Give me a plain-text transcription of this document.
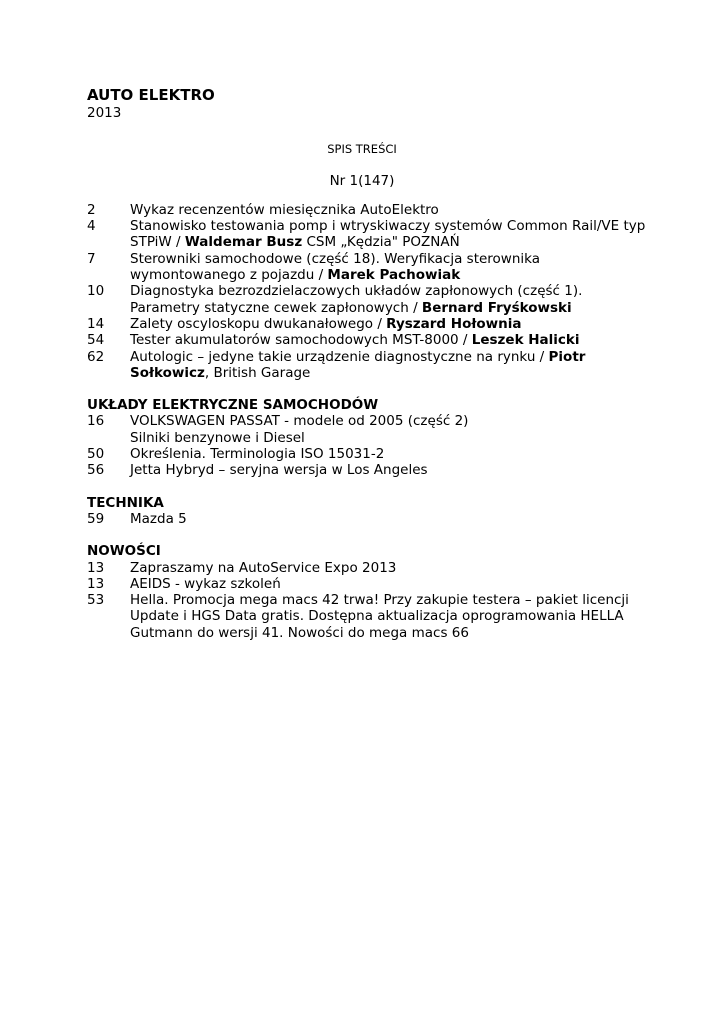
AUTO ELEKTRO
2013
SPIS TREŚCI
Nr 1(147)
2	Wykaz recenzentów miesięcznika AutoElektro
4	Stanowisko testowania pomp i wtryskiwaczy systemów Common Rail/VE typ STPiW / Waldemar Busz CSM „Kędzia" POZNAŃ
7	Sterowniki samochodowe (część 18). Weryfikacja sterownika wymontowanego z pojazdu / Marek Pachowiak
10	Diagnostyka bezrozdzielaczowych układów zapłonowych (część 1). Parametry statyczne cewek zapłonowych / Bernard Fryśkowski
14	Zalety oscyloskopu dwukanałowego / Ryszard Hołownia
54	Tester akumulatorów samochodowych MST-8000 / Leszek Halicki
62	Autologic – jedyne takie urządzenie diagnostyczne na rynku / Piotr Sołkowicz, British Garage
UKŁADY ELEKTRYCZNE SAMOCHODÓW
16	VOLKSWAGEN PASSAT - modele od 2005 (część 2)
Silniki benzynowe i Diesel
50	Określenia. Terminologia ISO 15031-2
56	Jetta Hybryd – seryjna wersja w Los Angeles
TECHNIKA
59	Mazda 5
NOWOŚCI
13	Zapraszamy na AutoService Expo 2013
13	AEIDS - wykaz szkoleń
53	Hella. Promocja mega macs 42 trwa! Przy zakupie testera – pakiet licencji Update i HGS Data gratis. Dostępna aktualizacja oprogramowania HELLA Gutmann do wersji 41. Nowości do mega macs 66
